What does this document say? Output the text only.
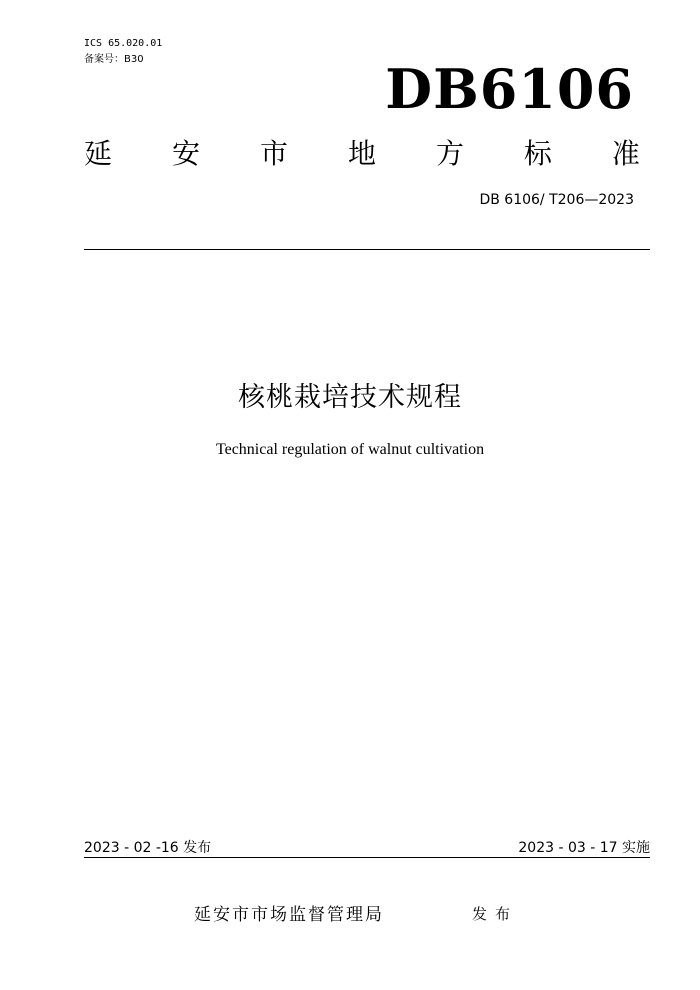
ICS 65.020.01
备案号：B30	DB6106
延 安 市 地 方 标 准
DB 6106/ T206—2023
核桃栽培技术规程
Technical regulation of walnut cultivation
2023 - 02 -16 发布	2023 - 03 - 17 实施
延安市市场监督管理局	发布
